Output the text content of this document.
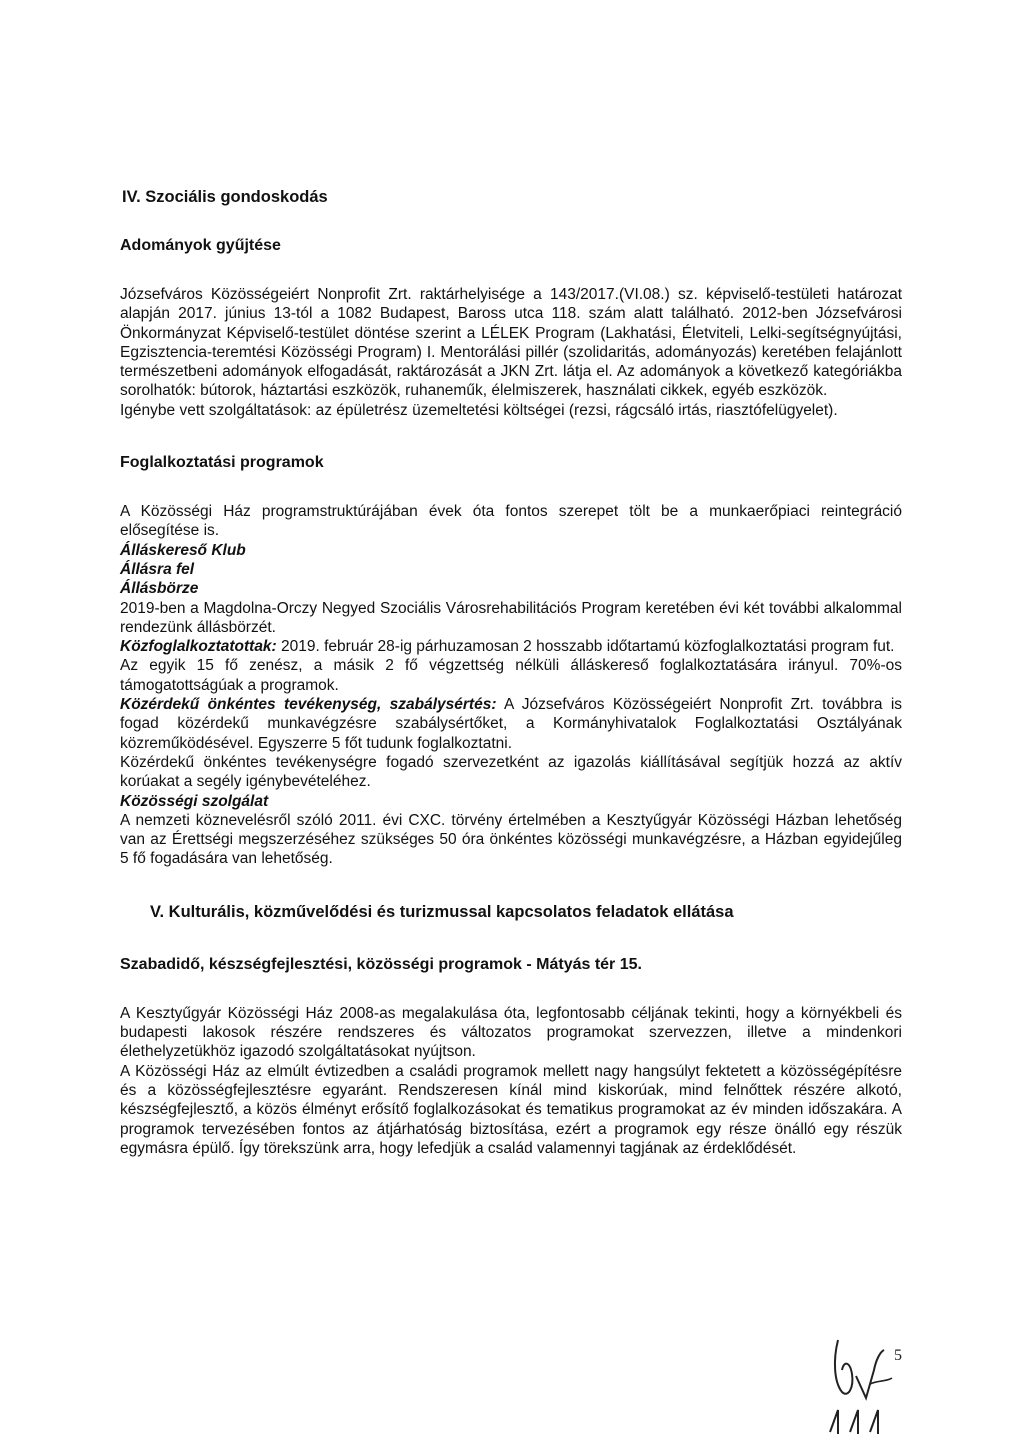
IV. Szociális gondoskodás
Adományok gyűjtése

Józsefváros Közösségeiért Nonprofit Zrt. raktárhelyisége a 143/2017.(VI.08.) sz. képviselő-testületi határozat alapján 2017. június 13-tól a 1082 Budapest, Baross utca 118. szám alatt található. 2012-ben Józsefvárosi Önkormányzat Képviselő-testület döntése szerint a LÉLEK Program (Lakhatási, Életviteli, Lelki-segítségnyújtási, Egzisztencia-teremtési Közösségi Program) I. Mentorálási pillér (szolidaritás, adományozás) keretében felajánlott természetbeni adományok elfogadását, raktározását a JKN Zrt. látja el. Az adományok a következő kategóriákba sorolhatók: bútorok, háztartási eszközök, ruhaneműk, élelmiszerek, használati cikkek, egyéb eszközök.

Igénybe vett szolgáltatások: az épületrész üzemeltetési költségei (rezsi, rágcsáló irtás, riasztófelügyelet).

Foglalkoztatási programok

A Közösségi Ház programstruktúrájában évek óta fontos szerepet tölt be a munkaerőpiaci reintegráció elősegítése is.

Álláskereső Klub

Állásra fel

Állásbörze

2019-ben a Magdolna-Orczy Negyed Szociális Városrehabilitációs Program keretében évi két további alkalommal rendezünk állásbörzét.

Közfoglalkoztatottak: 2019. február 28-ig párhuzamosan 2 hosszabb időtartamú közfoglalkoztatási program fut.

Az egyik 15 fő zenész, a másik 2 fő végzettség nélküli álláskereső foglalkoztatására irányul. 70%-os támogatottságúak a programok.

Közérdekű önkéntes tevékenység, szabálysértés: A Józsefváros Közösségeiért Nonprofit Zrt. továbbra is fogad közérdekű munkavégzésre szabálysértőket, a Kormányhivatalok Foglalkoztatási Osztályának közreműködésével. Egyszerre 5 főt tudunk foglalkoztatni.

Közérdekű önkéntes tevékenységre fogadó szervezetként az igazolás kiállításával segítjük hozzá az aktív korúakat a segély igénybevételéhez.

Közösségi szolgálat

A nemzeti köznevelésről szóló 2011. évi CXC. törvény értelmében a Kesztyűgyár Közösségi Házban lehetőség van az Érettségi megszerzéséhez szükséges 50 óra önkéntes közösségi munkavégzésre, a Házban egyidejűleg 5 fő fogadására van lehetőség.

V. Kulturális, közművelődési és turizmussal kapcsolatos feladatok ellátása
Szabadidő, készségfejlesztési, közösségi programok - Mátyás tér 15.

A Kesztyűgyár Közösségi Ház 2008-as megalakulása óta, legfontosabb céljának tekinti, hogy a környékbeli és budapesti lakosok részére rendszeres és változatos programokat szervezzen, illetve a mindenkori élethelyzetükhöz igazodó szolgáltatásokat nyújtson.

A Közösségi Ház az elmúlt évtizedben a családi programok mellett nagy hangsúlyt fektetett a közösségépítésre és a közösségfejlesztésre egyaránt. Rendszeresen kínál mind kiskorúak, mind felnőttek részére alkotó, készségfejlesztő, a közös élményt erősítő foglalkozásokat és tematikus programokat az év minden időszakára. A programok tervezésében fontos az átjárhatóság biztosítása, ezért a programok egy része önálló egy részük egymásra épülő. Így törekszünk arra, hogy lefedjük a család valamennyi tagjának az érdeklődését.

5
